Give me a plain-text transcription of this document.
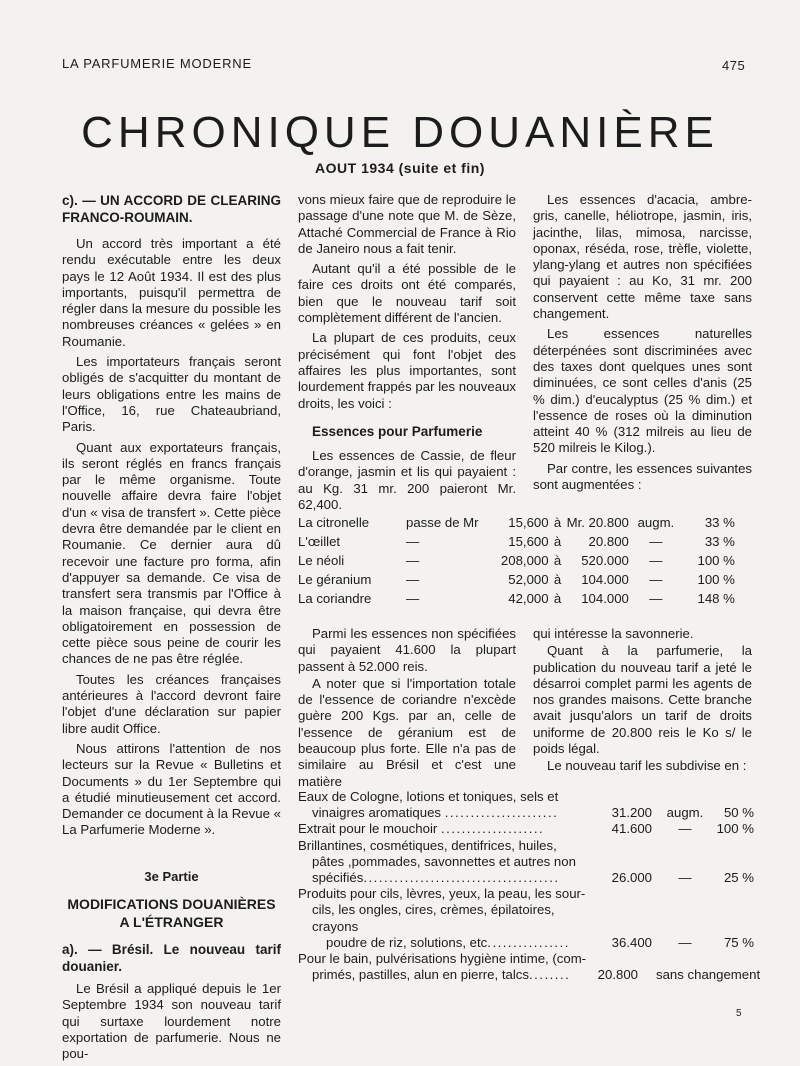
LA PARFUMERIE MODERNE	475
CHRONIQUE DOUANIÈRE
AOUT 1934 (suite et fin)
c). — UN ACCORD DE CLEARING FRANCO-ROUMAIN.

Un accord très important a été rendu exécutable entre les deux pays le 12 Août 1934. Il est des plus importants, puisqu'il permettra de régler dans la mesure du possible les nombreuses créances « gelées » en Roumanie.

Les importateurs français seront obligés de s'acquitter du montant de leurs obligations entre les mains de l'Office, 16, rue Chateaubriand, Paris.

Quant aux exportateurs français, ils seront réglés en francs français par le même organisme. Toute nouvelle affaire devra faire l'objet d'un « visa de transfert ». Cette pièce devra être demandée par le client en Roumanie. Ce dernier aura dû recevoir une facture pro forma, afin d'appuyer sa demande. Ce visa de transfert sera transmis par l'Office à la maison française, qui devra être obligatoirement en possession de cette pièce sous peine de courir les chances de ne pas être réglée.

Toutes les créances françaises antérieures à l'accord devront faire l'objet d'une déclaration sur papier libre audit Office.

Nous attirons l'attention de nos lecteurs sur la Revue « Bulletins et Documents » du 1er Septembre qui a étudié minutieusement cet accord. Demander ce document à la Revue « La Parfumerie Moderne ».

3e Partie
MODIFICATIONS DOUANIÈRES A L'ÉTRANGER
a). — Brésil. Le nouveau tarif douanier.

Le Brésil a appliqué depuis le 1er Septembre 1934 son nouveau tarif qui surtaxe lourdement notre exportation de parfumerie. Nous ne pou-

vons mieux faire que de reproduire le passage d'une note que M. de Sèze, Attaché Commercial de France à Rio de Janeiro nous a fait tenir.

Autant qu'il a été possible de le faire ces droits ont été comparés, bien que le nouveau tarif soit complètement différent de l'ancien.

La plupart de ces produits, ceux précisément qui font l'objet des affaires les plus importantes, sont lourdement frappés par les nouveaux droits, les voici :

Essences pour Parfumerie

Les essences de Cassie, de fleur d'orange, jasmin et lis qui payaient : au Kg. 31 mr. 200 paieront Mr. 62,400.

Les essences d'acacia, ambre-gris, canelle, héliotrope, jasmin, iris, jacinthe, lilas, mimosa, narcisse, oponax, réséda, rose, trèfle, violette, ylang-ylang et autres non spécifiées qui payaient : au Ko, 31 mr. 200 conservent cette même taxe sans changement.

Les essences naturelles déterpénées sont discriminées avec des taxes dont quelques unes sont diminuées, ce sont celles d'anis (25 % dim.) d'eucalyptus (25 % dim.) et l'essence de roses où la diminution atteint 40 % (312 milreis au lieu de 520 milreis le Kilog.).

Par contre, les essences suivantes sont augmentées :

La citronelle	passe de Mr	15,600	à	Mr. 20.800	augm.	33 %
L'œillet	—	15,600	à	20.800	—	33 %
Le néoli	—	208,000	à	520.000	—	100 %
Le géranium	—	52,000	à	104.000	—	100 %
La coriandre	—	42,000	à	104.000	—	148 %

Parmi les essences non spécifiées qui payaient 41.600 la plupart passent à 52.000 reis.

A noter que si l'importation totale de l'essence de coriandre n'excède guère 200 Kgs. par an, celle de l'essence de géranium est de beaucoup plus forte. Elle n'a pas de similaire au Brésil et c'est une matière

qui intéresse la savonnerie.

Quant à la parfumerie, la publication du nouveau tarif a jeté le désarroi complet parmi les agents de nos grandes maisons. Cette branche avait jusqu'alors un tarif de droits uniforme de 20.800 reis le Ko s/ le poids légal.

Le nouveau tarif les subdivise en :

Eaux de Cologne, lotions et toniques, sels et
vinaigres aromatiques ......................	31.200	augm.	50 %
Extrait pour le mouchoir ....................	41.600	—	100 %
Brillantines, cosmétiques, dentifrices, huiles,
pâtes ,pommades, savonnettes et autres non
spécifiés......................................	26.000	—	25 %
Produits pour cils, lèvres, yeux, la peau, les sour-
cils, les ongles, cires, crèmes, épilatoires, crayons
poudre de riz, solutions, etc................	36.400	—	75 %
Pour le bain, pulvérisations hygiène intime, (com-
primés, pastilles, alun en pierre, talcs........	20.800 sans changement
5
